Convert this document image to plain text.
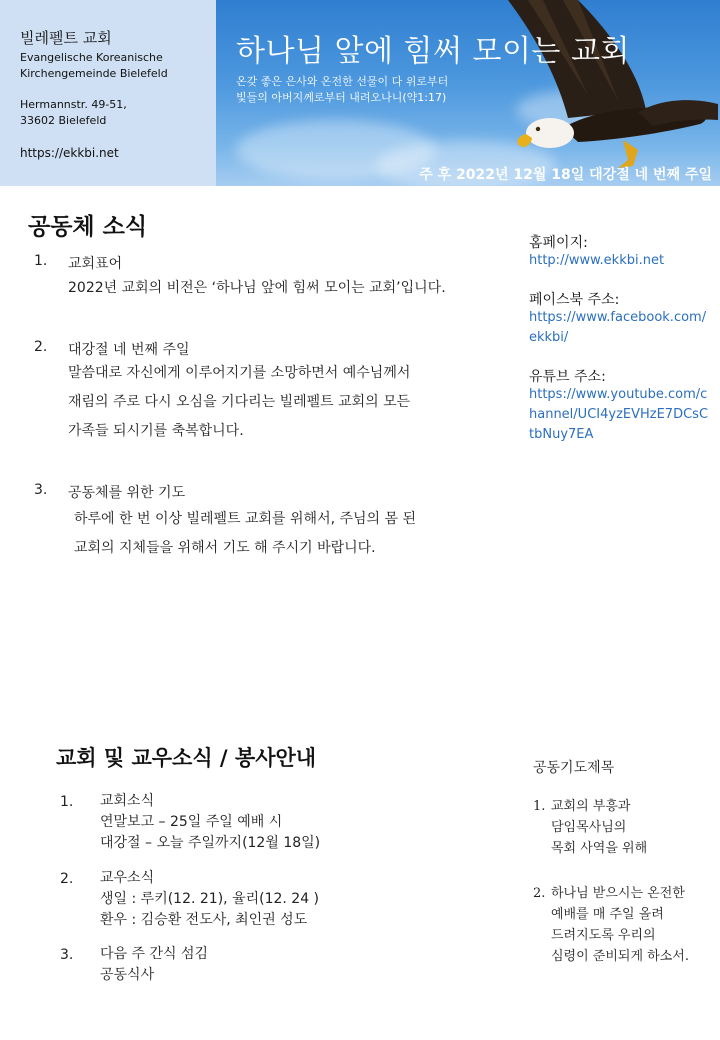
빌레펠트 교회
Evangelische Koreanische
Kirchengemeinde Bielefeld
Hermannstr. 49-51,
33602 Bielefeld
https://ekkbi.net
하나님 앞에 힘써 모이는 교회
온갖 좋은 은사와 온전한 선물이 다 위로부터
빛들의 아버지께로부터 내려오나니(약1:17)
주 후 2022년 12월 18일 대강절 네 번째 주일
공동체 소식
1. 교회표어
2022년 교회의 비전은 ‘하나님 앞에 힘써 모이는 교회’입니다.
2. 대강절 네 번째 주일
말씀대로 자신에게 이루어지기를 소망하면서 예수님께서
재림의 주로 다시 오심을 기다리는 빌레펠트 교회의 모든
가족들 되시기를 축복합니다.
3. 공동체를 위한 기도
하루에 한 번 이상 빌레펠트 교회를 위해서, 주님의 몸 된
교회의 지체들을 위해서 기도 해 주시기 바랍니다.
홈페이지:
http://www.ekkbi.net
페이스북 주소:
https://www.facebook.com/ekkbi/
유튜브 주소:
https://www.youtube.com/channel/UCI4yzEVHzE7DCsCtbNuy7EA
교회 및 교우소식 / 봉사안내
1. 교회소식
연말보고 – 25일 주일 예배 시
대강절 – 오늘 주일까지(12월 18일)
2. 교우소식
생일 : 루키(12. 21), 율리(12. 24 )
환우 : 김승환 전도사, 최인권 성도
3. 다음 주 간식 섬김
공동식사
공동기도제목
1. 교회의 부흥과
담임목사님의
목회 사역을 위해
2. 하나님 받으시는 온전한
예배를 매 주일 올려
드려지도록 우리의
심령이 준비되게 하소서.
